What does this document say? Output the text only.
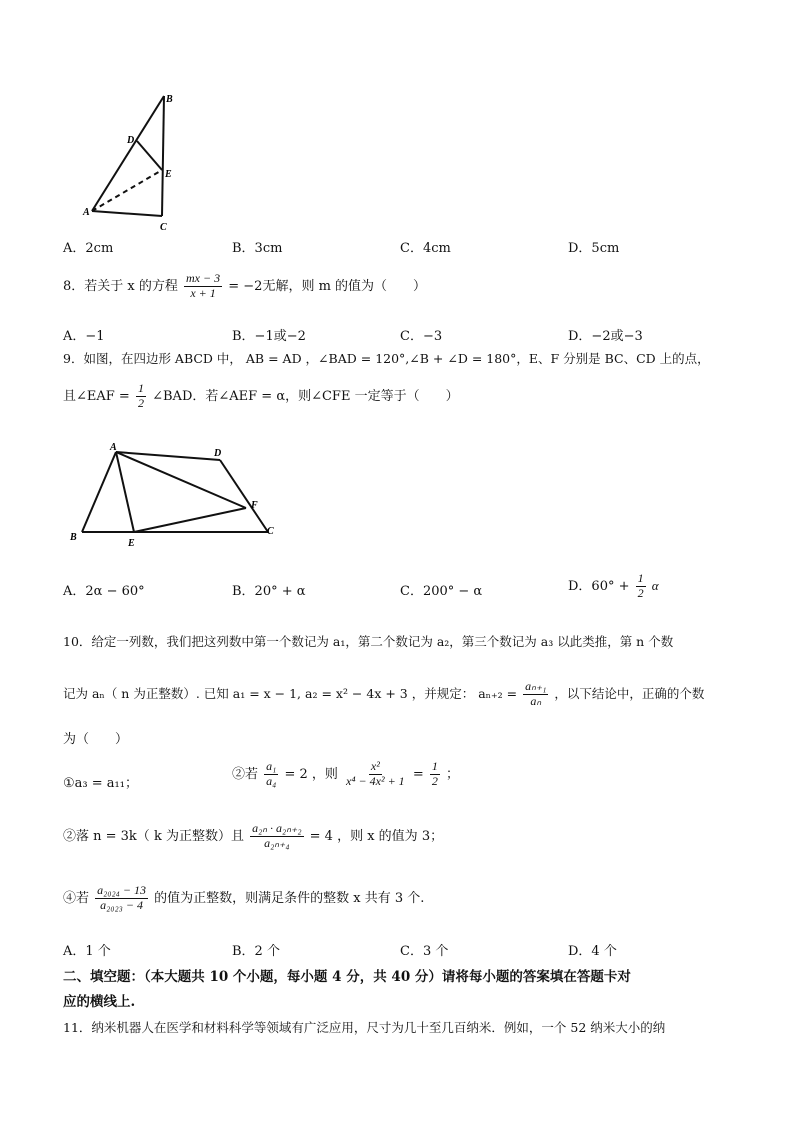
B
D
E
A
C
A．2cm	B．3cm	C．4cm	D．5cm
8．若关于 x 的方程 $\frac{mx - 3}{x + 1} = -2$无解，则 m 的值为（　　）
A．−1	B．−1或−2	C．−3	D．−2或−3
9．如图，在四边形 ABCD 中， AB = AD ，∠BAD = 120°,∠B + ∠D = 180°，E、F 分别是 BC、CD 上的点，
且∠EAF = $\frac{1}{2}$ ∠BAD．若∠AEF = α，则∠CFE 一定等于（　　）
A
D
F
B
E
C
A．2α − 60°	B．20° + α	C．200° − α	D．$60^\circ + \frac{1}{2}$ α
10．给定一列数，我们把这列数中第一个数记为 a₁，第二个数记为 a₂，第三个数记为 a₃ 以此类推，第 n 个数
记为 aₙ（ n 为正整数）. 已知 a₁ = x − 1, a₂ = x² − 4x + 3 ，并规定： $a_{n+2} = \frac{\text{aₙ₊₁}}{\text{aₙ}}$ ，以下结论中，正确的个数
为（　　）
①a₃ = a₁₁；
②若 $\frac{\text{a₁}}{\text{a₄}} = 2$ ，则 $\frac{\text{x²}}{\text{x⁴ − 4x² + 1}} = \frac{1}{2}$ ；
②落 n = 3k（ k 为正整数）且 $\frac{\text{a₂ₙ · a₂ₙ₊₂}}{\text{a₂ₙ₊₄}} = 4$ ，则 x 的值为 3；
④若 $\frac{\text{a₂₀₂₄ − 13}}{\text{a₂₀₂₃ − 4}}$ 的值为正整数，则满足条件的整数 x 共有 3 个.
A．1 个	B．2 个	C．3 个	D．4 个
二、填空题：（本大题共 10 个小题，每小题 4 分，共 40 分）请将每小题的答案填在答题卡对
应的横线上.
11．纳米机器人在医学和材料科学等领域有广泛应用，尺寸为几十至几百纳米．例如，一个 52 纳米大小的纳
